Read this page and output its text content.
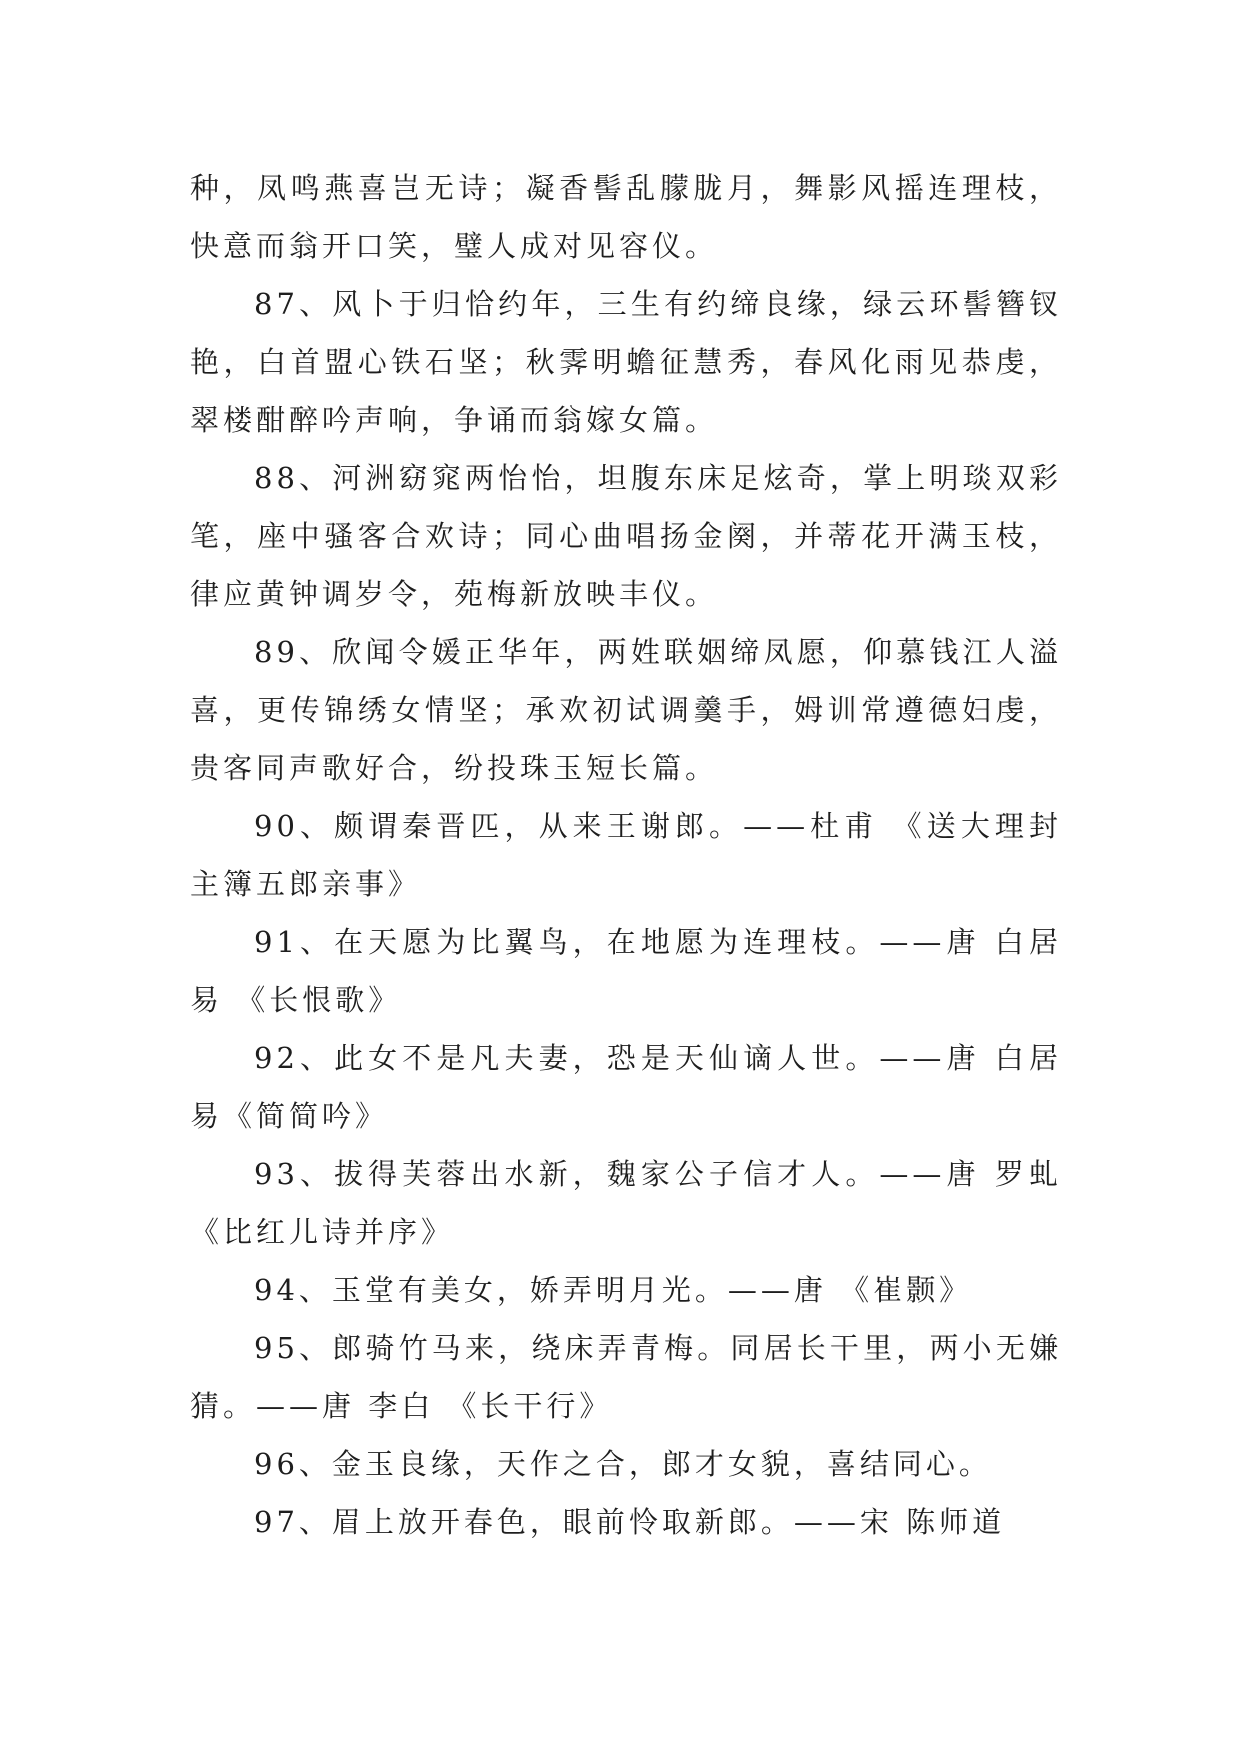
种，凤鸣燕喜岂无诗；凝香髻乱朦胧月，舞影风摇连理枝，
快意而翁开口笑，璧人成对见容仪。
87、风卜于归恰约年，三生有约缔良缘，绿云环髻簪钗
艳，白首盟心铁石坚；秋霁明蟾征慧秀，春风化雨见恭虔，
翠楼酣醉吟声响，争诵而翁嫁女篇。
88、河洲窈窕两怡怡，坦腹东床足炫奇，掌上明琰双彩
笔，座中骚客合欢诗；同心曲唱扬金阕，并蒂花开满玉枝，
律应黄钟调岁令，苑梅新放映丰仪。
89、欣闻令媛正华年，两姓联姻缔凤愿，仰慕钱江人溢
喜，更传锦绣女情坚；承欢初试调羹手，姆训常遵德妇虔，
贵客同声歌好合，纷投珠玉短长篇。
90、颇谓秦晋匹，从来王谢郎。——杜甫 《送大理封
主簿五郎亲事》
91、在天愿为比翼鸟，在地愿为连理枝。——唐 白居
易 《长恨歌》
92、此女不是凡夫妻，恐是天仙谪人世。——唐 白居
易《简简吟》
93、拔得芙蓉出水新，魏家公子信才人。——唐 罗虬
《比红儿诗并序》
94、玉堂有美女，娇弄明月光。——唐 《崔颢》
95、郎骑竹马来，绕床弄青梅。同居长干里，两小无嫌
猜。——唐 李白 《长干行》
96、金玉良缘，天作之合，郎才女貌，喜结同心。
97、眉上放开春色，眼前怜取新郎。——宋 陈师道
